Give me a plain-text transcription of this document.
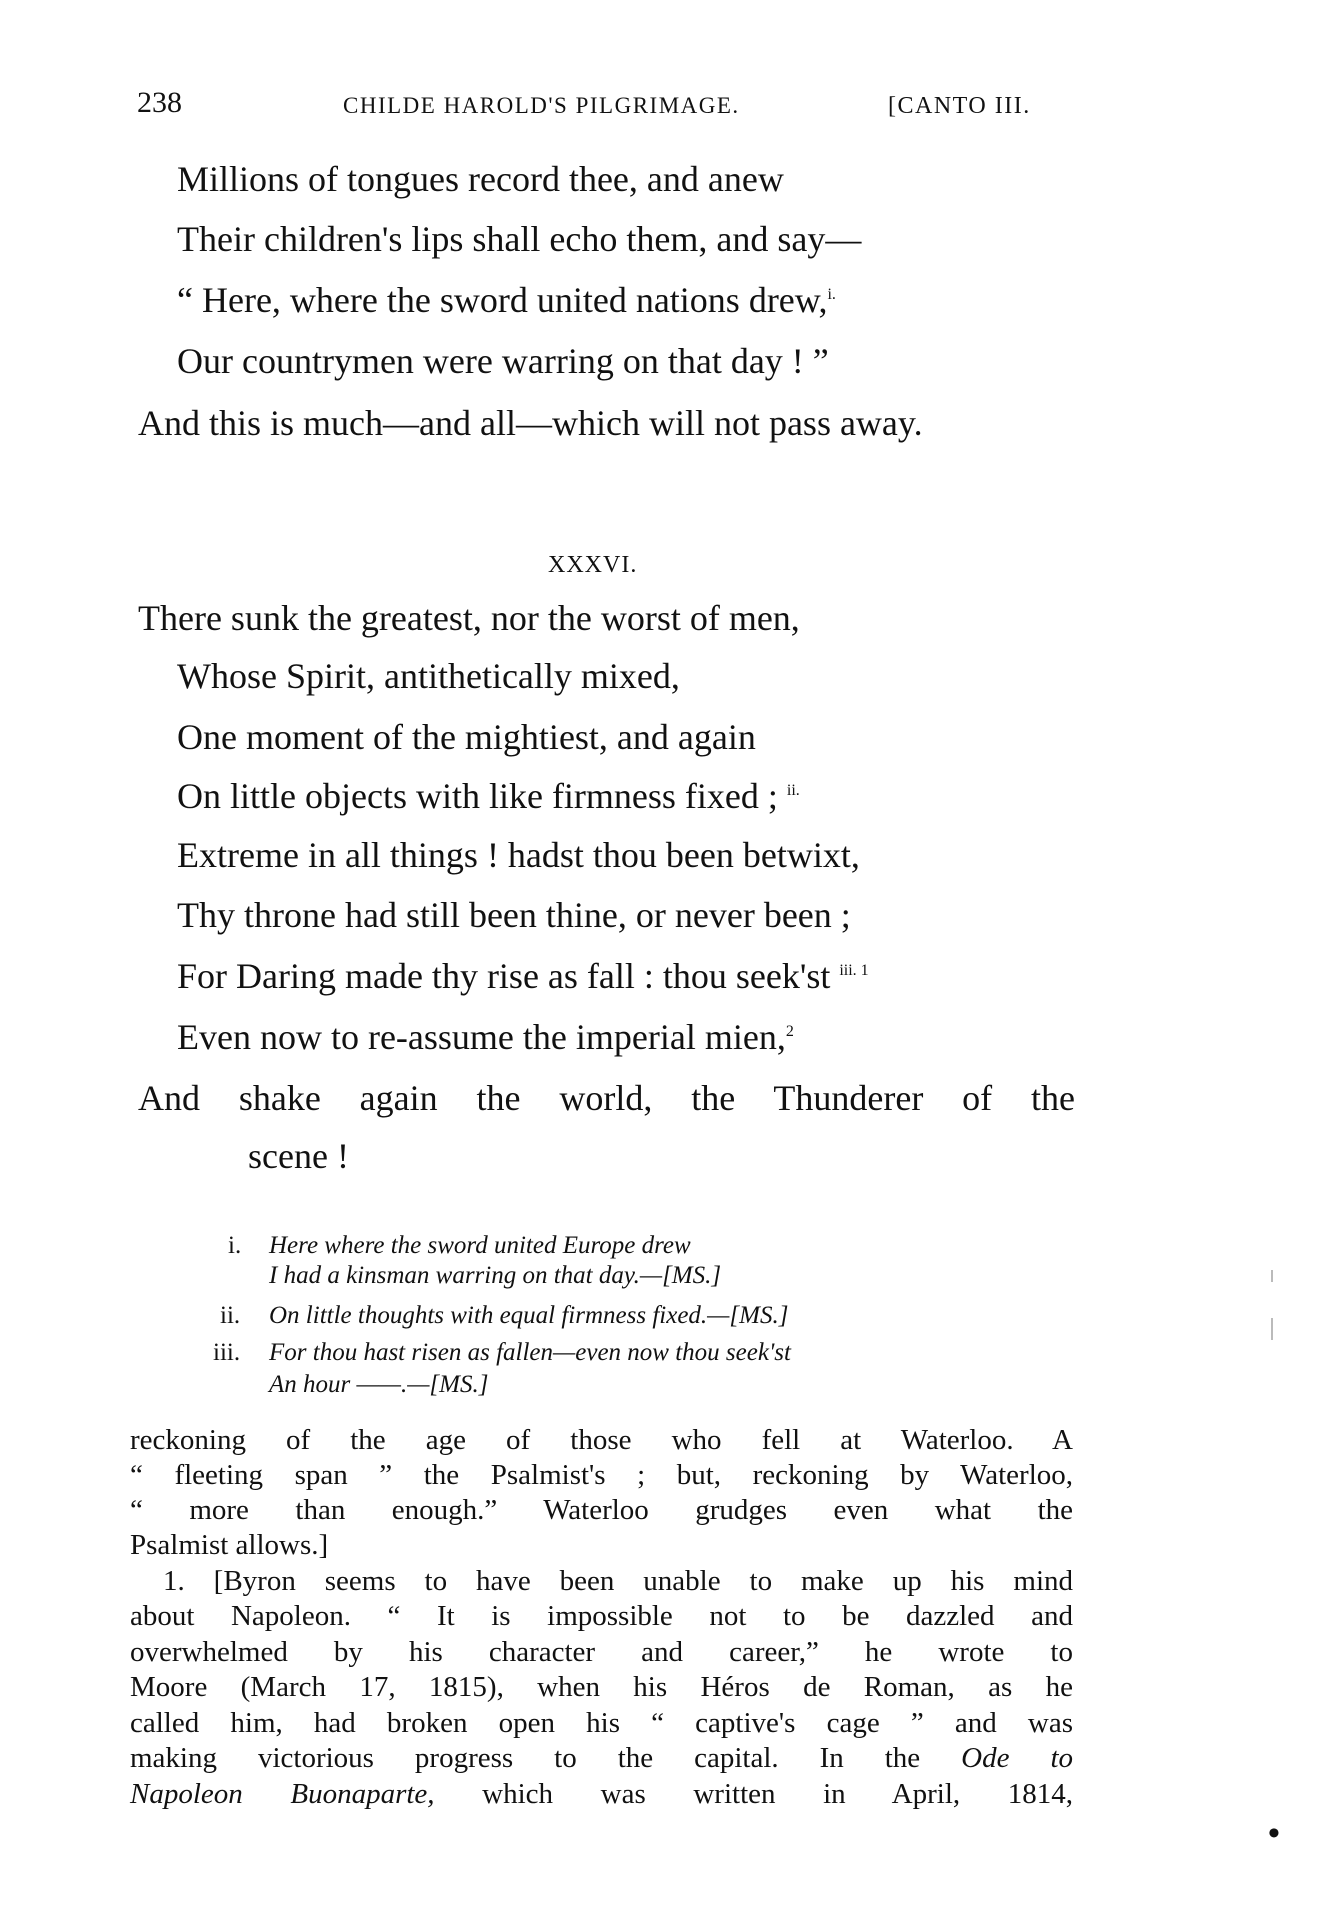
238	CHILDE HAROLD'S PILGRIMAGE.	[CANTO III.
Millions of tongues record thee, and anew
Their children's lips shall echo them, and say—
“ Here, where the sword united nations drew,$^{i.}$
Our countrymen were warring on that day ! ”
And this is much—and all—which will not pass away.
XXXVI.
There sunk the greatest, nor the worst of men,
Whose Spirit, antithetically mixed,
One moment of the mightiest, and again
On little objects with like firmness fixed ; $^{ii.}$
Extreme in all things ! hadst thou been betwixt,
Thy throne had still been thine, or never been ;
For Daring made thy rise as fall : thou seek'st $^{iii. 1}$
Even now to re-assume the imperial mien,$^2$
And shake again the world, the Thunderer of the
scene !
i. Here where the sword united Europe drew
I had a kinsman warring on that day.—[MS.]
ii. On little thoughts with equal firmness fixed.—[MS.]
iii. For thou hast risen as fallen—even now thou seek'st
An hour ——.—[MS.]
reckoning of the age of those who fell at Waterloo. A
“ fleeting span ” the Psalmist's ; but, reckoning by Waterloo,
“ more than enough.” Waterloo grudges even what the
Psalmist allows.]
1. [Byron seems to have been unable to make up his mind
about Napoleon. “ It is impossible not to be dazzled and
overwhelmed by his character and career,” he wrote to
Moore (March 17, 1815), when his Héros de Roman, as he
called him, had broken open his “ captive's cage ” and was
making victorious progress to the capital. In the Ode to
Napoleon Buonaparte, which was written in April, 1814,
•
